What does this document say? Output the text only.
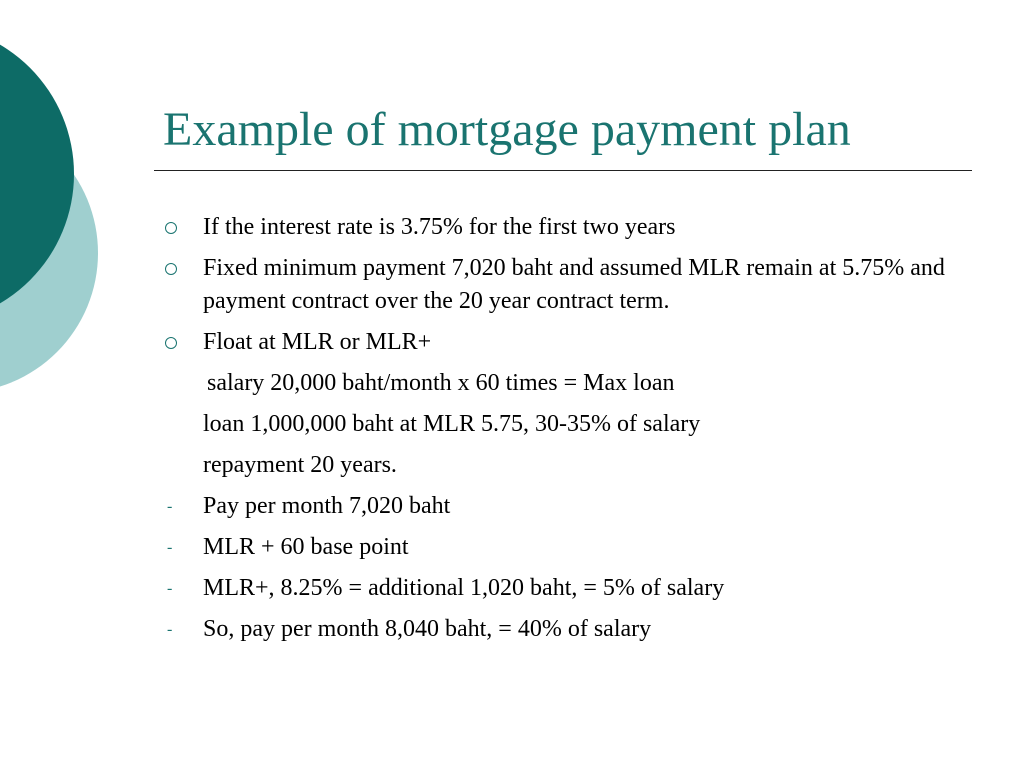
Example of mortgage payment plan
If the interest rate is 3.75% for the first two years
Fixed minimum payment 7,020 baht and assumed MLR remain at 5.75% and payment contract over the 20 year contract term.
Float at MLR or MLR+
salary 20,000 baht/month x 60 times = Max loan
loan 1,000,000 baht at MLR 5.75, 30-35% of salary
repayment 20 years.
- Pay per month 7,020 baht
- MLR + 60 base point
- MLR+, 8.25% = additional 1,020 baht, = 5% of salary
- So, pay per month 8,040 baht, = 40% of salary
